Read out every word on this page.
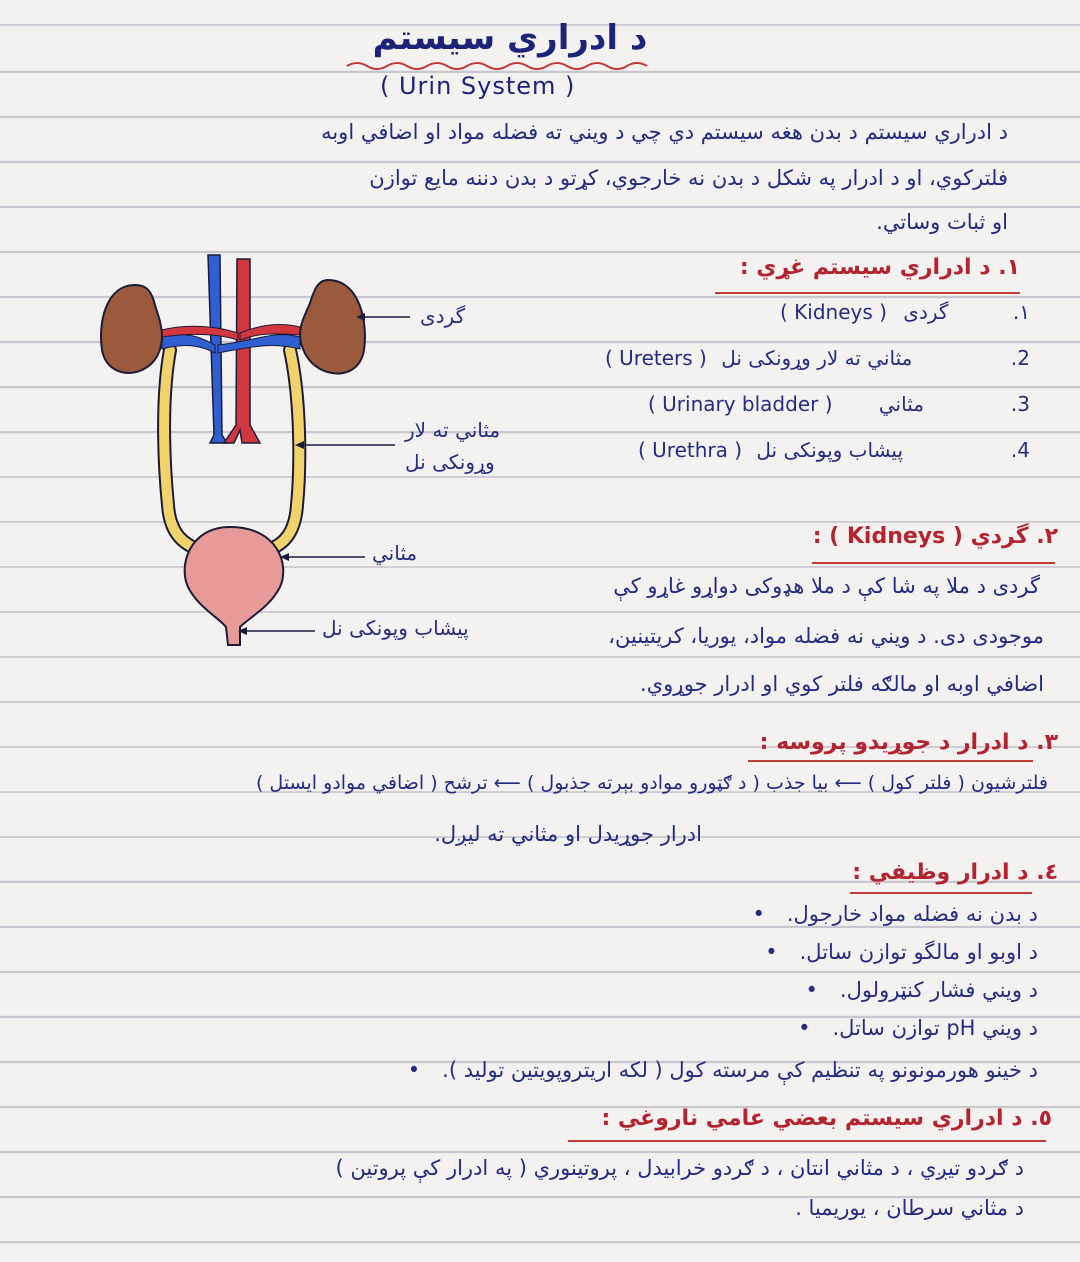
د ادراري سيستم
( Urin System )
د ادراري سيستم د بدن هغه سيستم دي چي د ويني ته فضله مواد او اضافي اوبه
فلترکوي، او د ادرار په شکل د بدن نه خارجوي، کړتو د بدن دننه مايع توازن
او ثبات وساتي.
١. د ادراري سيستم غړي :
( Kidneys ) گردی	.١
( Ureters ) مثاني ته لار وړونکی نل	.2
( Urinary bladder ) مثاني	.3
( Urethra ) پيشاب وپونکی نل	.4
گردی
مثاني ته لار
وړونکی نل
مثاني
پيشاب وپونکی نل
٢. گردي ( Kidneys ) :
گردی د ملا په شا کې د ملا هډوکی دواړو غاړو کې
موجودی دی. د ويني نه فضله مواد، يوريا، کريتينين،
اضافي اوبه او مالګه فلتر کوي او ادرار جوړوي.
٣. د ادرار د جوړيدو پروسه :
فلترشيون ( فلتر کول ) ⟵ بيا جذب ( د ګټورو موادو بېرته جذبول ) ⟵ ترشح ( اضافي موادو ايستل )
ادرار جوړيدل او مثاني ته ليږل.
٤. د ادرار وظيفي :
د بدن نه فضله مواد خارجول.•
د اوبو او مالگو توازن ساتل.•
د ويني فشار کنټرولول.•
د ويني pH توازن ساتل.•
د خينو هورمونونو په تنظيم کې مرسته کول ( لکه اريتروپويتين توليد ).•
٥. د ادراري سيستم بعضي عامي ناروغي :
د ګردو تيږي ، د مثاني انتان ، د ګردو خرابيدل ، پروتينوري ( په ادرار کې پروتين )
د مثاني سرطان ، يوريميا .
